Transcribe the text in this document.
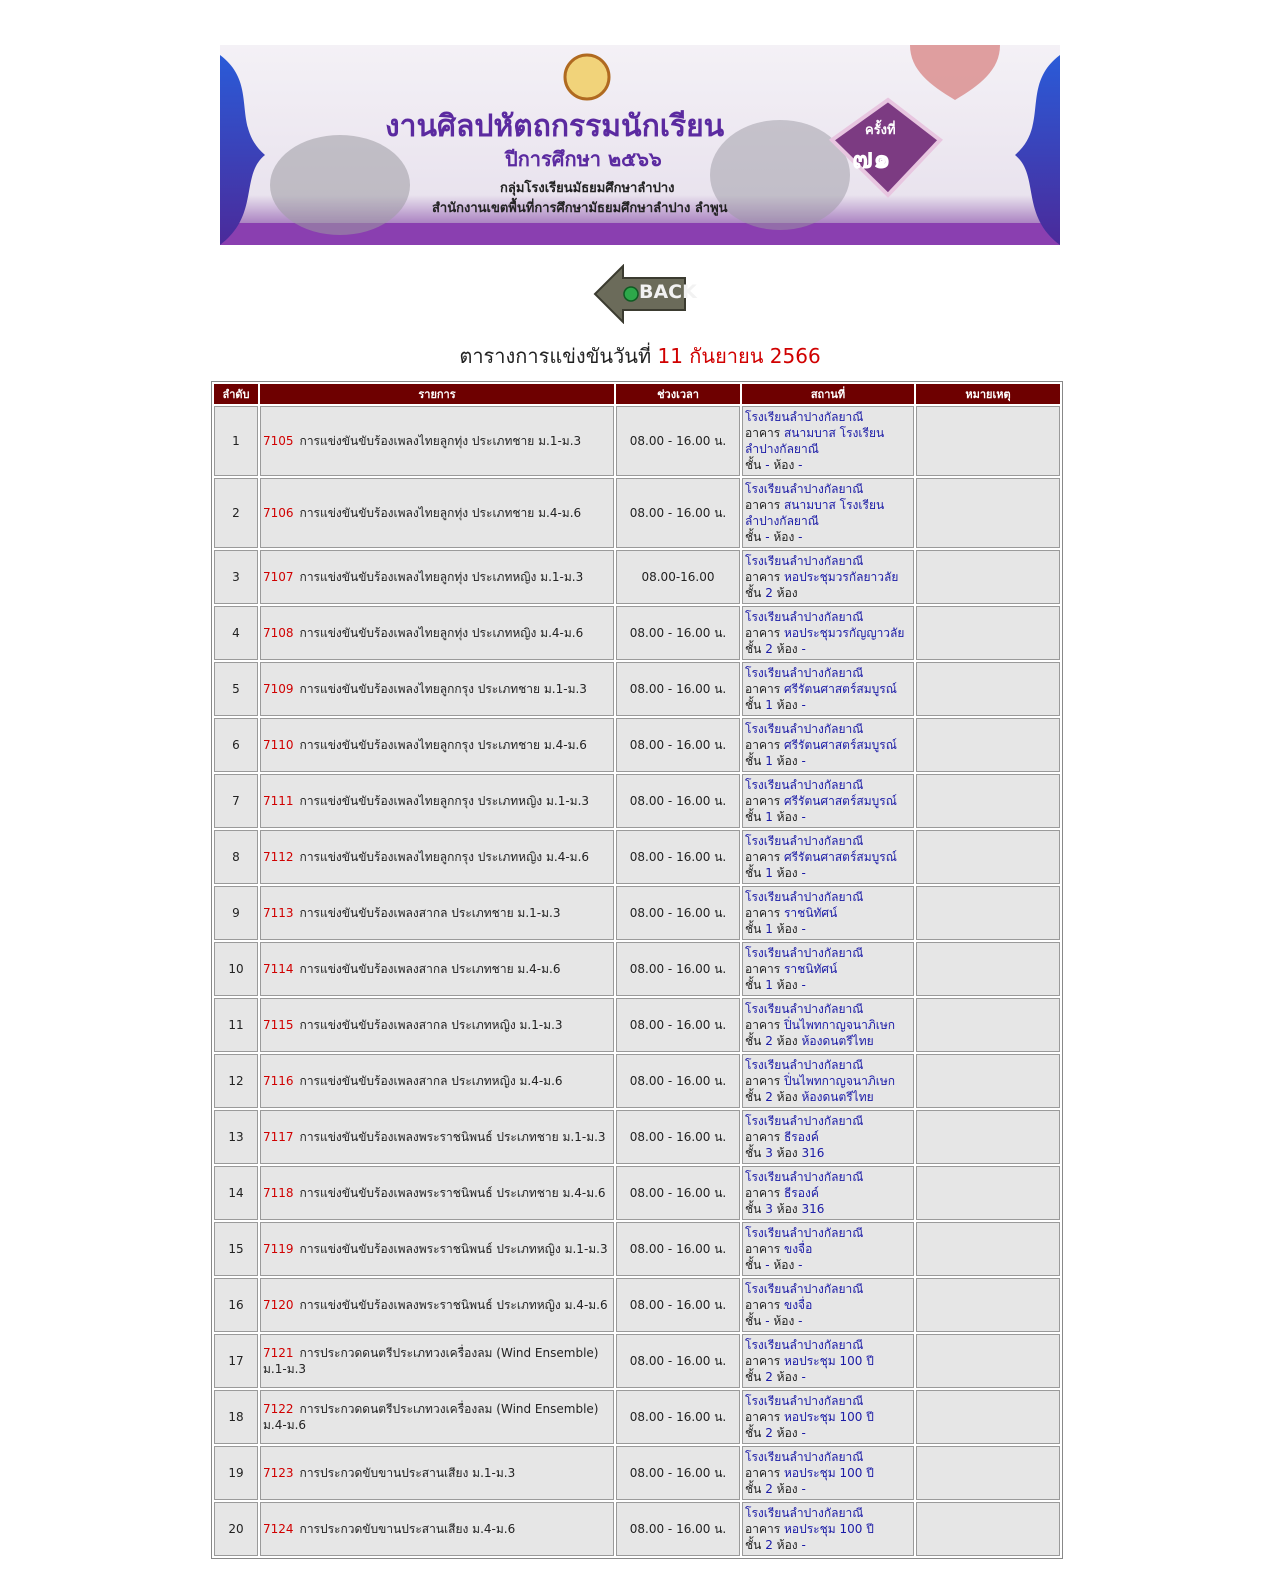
งานศิลปหัตถกรรมนักเรียน
ปีการศึกษา ๒๕๖๖
กลุ่มโรงเรียนมัธยมศึกษาลำปาง
สำนักงานเขตพื้นที่การศึกษามัธยมศึกษาลำปาง ลำพูน
ครั้งที่
๗๑
BACK
ตารางการแข่งขันวันที่ 11 กันยายน 2566
ลำดับ	รายการ	ช่วงเวลา	สถานที่	หมายเหตุ
1	7105 การแข่งขันขับร้องเพลงไทยลูกทุ่ง ประเภทชาย ม.1-ม.3	08.00 - 16.00 น.	โรงเรียนลำปางกัลยาณี
อาคาร สนามบาส โรงเรียนลำปางกัลยาณี
ชั้น - ห้อง -	
2	7106 การแข่งขันขับร้องเพลงไทยลูกทุ่ง ประเภทชาย ม.4-ม.6	08.00 - 16.00 น.	โรงเรียนลำปางกัลยาณี
อาคาร สนามบาส โรงเรียนลำปางกัลยาณี
ชั้น - ห้อง -	
3	7107 การแข่งขันขับร้องเพลงไทยลูกทุ่ง ประเภทหญิง ม.1-ม.3	08.00-16.00	โรงเรียนลำปางกัลยาณี
อาคาร หอประชุมวรกัลยาวลัย
ชั้น 2 ห้อง	
4	7108 การแข่งขันขับร้องเพลงไทยลูกทุ่ง ประเภทหญิง ม.4-ม.6	08.00 - 16.00 น.	โรงเรียนลำปางกัลยาณี
อาคาร หอประชุมวรกัญญาวลัย
ชั้น 2 ห้อง -	
5	7109 การแข่งขันขับร้องเพลงไทยลูกกรุง ประเภทชาย ม.1-ม.3	08.00 - 16.00 น.	โรงเรียนลำปางกัลยาณี
อาคาร ศรีรัตนศาสตร์สมบูรณ์
ชั้น 1 ห้อง -	
6	7110 การแข่งขันขับร้องเพลงไทยลูกกรุง ประเภทชาย ม.4-ม.6	08.00 - 16.00 น.	โรงเรียนลำปางกัลยาณี
อาคาร ศรีรัตนศาสตร์สมบูรณ์
ชั้น 1 ห้อง -	
7	7111 การแข่งขันขับร้องเพลงไทยลูกกรุง ประเภทหญิง ม.1-ม.3	08.00 - 16.00 น.	โรงเรียนลำปางกัลยาณี
อาคาร ศรีรัตนศาสตร์สมบูรณ์
ชั้น 1 ห้อง -	
8	7112 การแข่งขันขับร้องเพลงไทยลูกกรุง ประเภทหญิง ม.4-ม.6	08.00 - 16.00 น.	โรงเรียนลำปางกัลยาณี
อาคาร ศรีรัตนศาสตร์สมบูรณ์
ชั้น 1 ห้อง -	
9	7113 การแข่งขันขับร้องเพลงสากล ประเภทชาย ม.1-ม.3	08.00 - 16.00 น.	โรงเรียนลำปางกัลยาณี
อาคาร ราชนิทัศน์
ชั้น 1 ห้อง -	
10	7114 การแข่งขันขับร้องเพลงสากล ประเภทชาย ม.4-ม.6	08.00 - 16.00 น.	โรงเรียนลำปางกัลยาณี
อาคาร ราชนิทัศน์
ชั้น 1 ห้อง -	
11	7115 การแข่งขันขับร้องเพลงสากล ประเภทหญิง ม.1-ม.3	08.00 - 16.00 น.	โรงเรียนลำปางกัลยาณี
อาคาร ปิ่นไพทกาญจนาภิเษก
ชั้น 2 ห้อง ห้องดนตรีไทย	
12	7116 การแข่งขันขับร้องเพลงสากล ประเภทหญิง ม.4-ม.6	08.00 - 16.00 น.	โรงเรียนลำปางกัลยาณี
อาคาร ปิ่นไพทกาญจนาภิเษก
ชั้น 2 ห้อง ห้องดนตรีไทย	
13	7117 การแข่งขันขับร้องเพลงพระราชนิพนธ์ ประเภทชาย ม.1-ม.3	08.00 - 16.00 น.	โรงเรียนลำปางกัลยาณี
อาคาร ธีรองค์
ชั้น 3 ห้อง 316	
14	7118 การแข่งขันขับร้องเพลงพระราชนิพนธ์ ประเภทชาย ม.4-ม.6	08.00 - 16.00 น.	โรงเรียนลำปางกัลยาณี
อาคาร ธีรองค์
ชั้น 3 ห้อง 316	
15	7119 การแข่งขันขับร้องเพลงพระราชนิพนธ์ ประเภทหญิง ม.1-ม.3	08.00 - 16.00 น.	โรงเรียนลำปางกัลยาณี
อาคาร ขงจื่อ
ชั้น - ห้อง -	
16	7120 การแข่งขันขับร้องเพลงพระราชนิพนธ์ ประเภทหญิง ม.4-ม.6	08.00 - 16.00 น.	โรงเรียนลำปางกัลยาณี
อาคาร ขงจื่อ
ชั้น - ห้อง -	
17	7121 การประกวดดนตรีประเภทวงเครื่องลม (Wind Ensemble) ม.1-ม.3	08.00 - 16.00 น.	โรงเรียนลำปางกัลยาณี
อาคาร หอประชุม 100 ปี
ชั้น 2 ห้อง -	
18	7122 การประกวดดนตรีประเภทวงเครื่องลม (Wind Ensemble) ม.4-ม.6	08.00 - 16.00 น.	โรงเรียนลำปางกัลยาณี
อาคาร หอประชุม 100 ปี
ชั้น 2 ห้อง -	
19	7123 การประกวดขับขานประสานเสียง ม.1-ม.3	08.00 - 16.00 น.	โรงเรียนลำปางกัลยาณี
อาคาร หอประชุม 100 ปี
ชั้น 2 ห้อง -	
20	7124 การประกวดขับขานประสานเสียง ม.4-ม.6	08.00 - 16.00 น.	โรงเรียนลำปางกัลยาณี
อาคาร หอประชุม 100 ปี
ชั้น 2 ห้อง -	
